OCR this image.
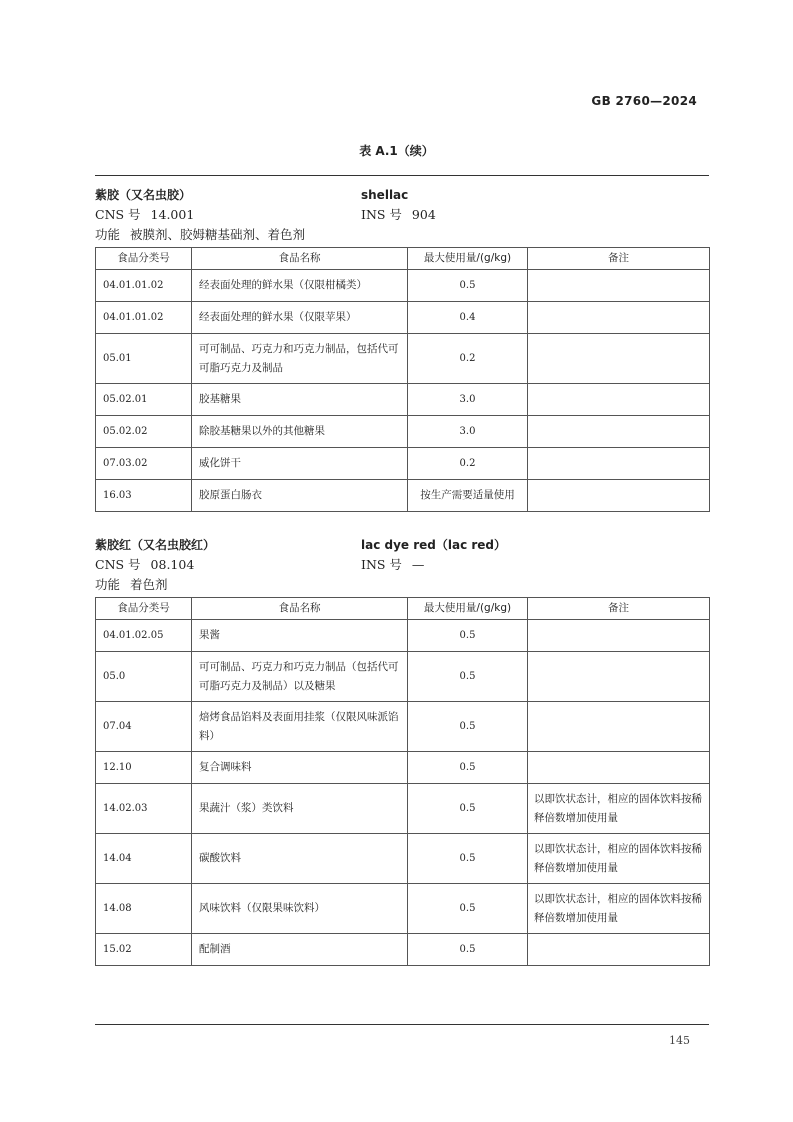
GB 2760—2024
表 A.1（续）
紫胶（又名虫胶）	shellac
CNS 号 14.001	INS 号 904
功能 被膜剂、胶姆糖基础剂、着色剂
食品分类号	食品名称	最大使用量/(g/kg)	备注
04.01.01.02	经表面处理的鲜水果（仅限柑橘类）	0.5	
04.01.01.02	经表面处理的鲜水果（仅限苹果）	0.4	
05.01	可可制品、巧克力和巧克力制品，包括代可可脂巧克力及制品	0.2	
05.02.01	胶基糖果	3.0	
05.02.02	除胶基糖果以外的其他糖果	3.0	
07.03.02	威化饼干	0.2	
16.03	胶原蛋白肠衣	按生产需要适量使用	
紫胶红（又名虫胶红）	lac dye red（lac red）
CNS 号 08.104	INS 号 —
功能 着色剂
食品分类号	食品名称	最大使用量/(g/kg)	备注
04.01.02.05	果酱	0.5	
05.0	可可制品、巧克力和巧克力制品（包括代可可脂巧克力及制品）以及糖果	0.5	
07.04	焙烤食品馅料及表面用挂浆（仅限风味派馅料）	0.5	
12.10	复合调味料	0.5	
14.02.03	果蔬汁（浆）类饮料	0.5	以即饮状态计，相应的固体饮料按稀释倍数增加使用量
14.04	碳酸饮料	0.5	以即饮状态计，相应的固体饮料按稀释倍数增加使用量
14.08	风味饮料（仅限果味饮料）	0.5	以即饮状态计，相应的固体饮料按稀释倍数增加使用量
15.02	配制酒	0.5	
145
